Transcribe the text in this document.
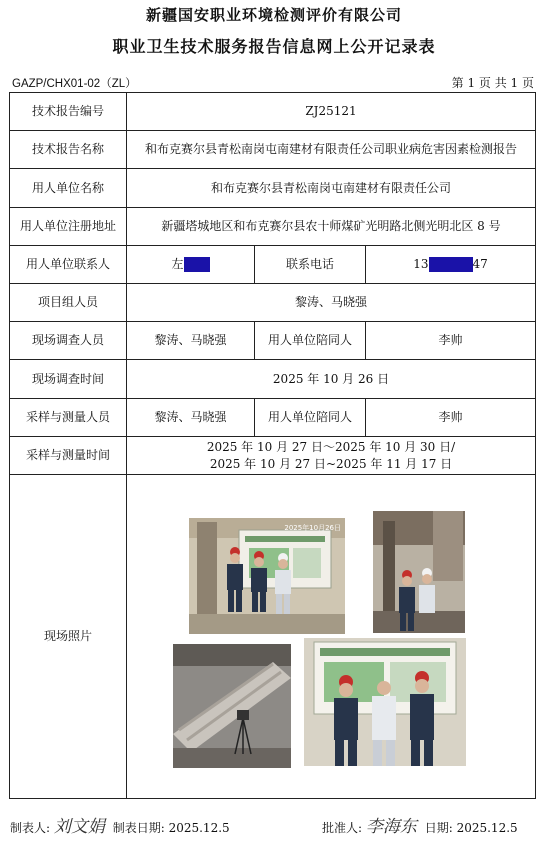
新疆国安职业环境检测评价有限公司
职业卫生技术服务报告信息网上公开记录表
GAZP/CHX01-02（ZL）	第 1 页 共 1 页
技术报告编号	ZJ25121		
技术报告名称	和布克赛尔县青松南岗屯南建材有限责任公司职业病危害因素检测报告		
用人单位名称	和布克赛尔县青松南岗屯南建材有限责任公司		
用人单位注册地址	新疆塔城地区和布克赛尔县农十师煤矿光明路北侧光明北区 8 号		
用人单位联系人	左	联系电话	13 47
项目组人员	黎涛、马晓强		
现场调查人员	黎涛、马晓强	用人单位陪同人	李帅
现场调查时间	2025 年 10 月 26 日		
采样与测量人员	黎涛、马晓强	用人单位陪同人	李帅
采样与测量时间	2025 年 10 月 27 日～2025 年 10 月 30 日/
2025 年 10 月 27 日~2025 年 11 月 17 日		

现场照片	2025年10月26日		
制表人: 刘文娟 制表日期: 2025.12.5	批准人: 李海东 日期: 2025.12.5
